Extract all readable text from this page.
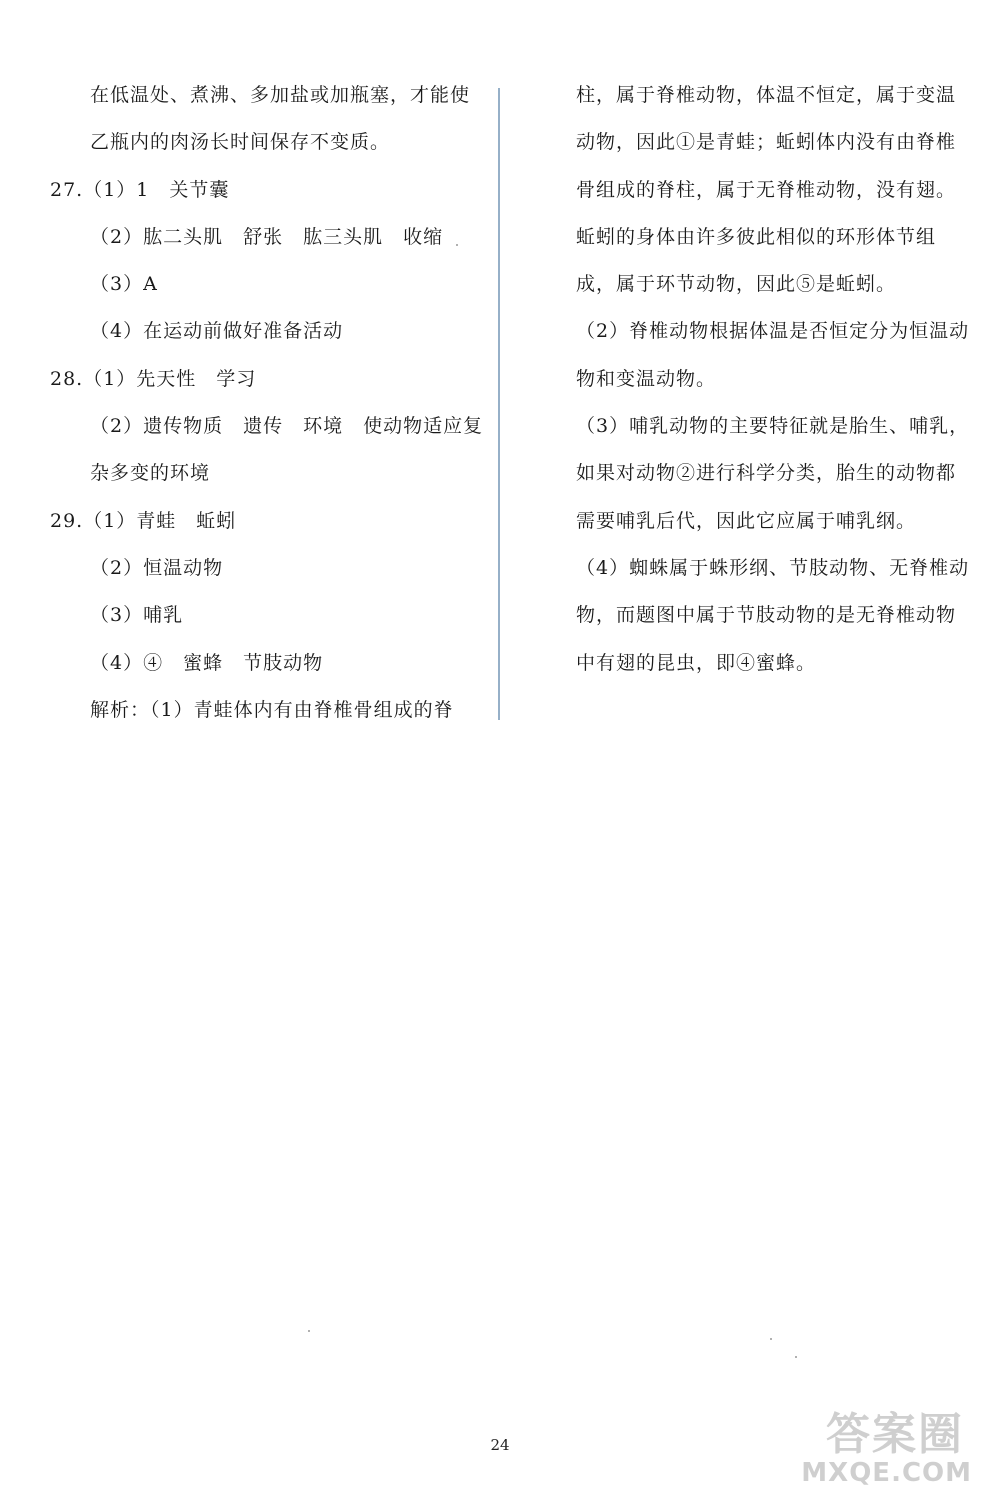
在低温处、煮沸、多加盐或加瓶塞，才能使
乙瓶内的肉汤长时间保存不变质。
27.（1）1　关节囊
（2）肱二头肌　舒张　肱三头肌　收缩
（3）A
（4）在运动前做好准备活动
28.（1）先天性　学习
（2）遗传物质　遗传　环境　使动物适应复
杂多变的环境
29.（1）青蛙　蚯蚓
（2）恒温动物
（3）哺乳
（4）④　蜜蜂　节肢动物
解析：（1）青蛙体内有由脊椎骨组成的脊
柱，属于脊椎动物，体温不恒定，属于变温
动物，因此①是青蛙；蚯蚓体内没有由脊椎
骨组成的脊柱，属于无脊椎动物，没有翅。
蚯蚓的身体由许多彼此相似的环形体节组
成，属于环节动物，因此⑤是蚯蚓。
（2）脊椎动物根据体温是否恒定分为恒温动
物和变温动物。
（3）哺乳动物的主要特征就是胎生、哺乳，
如果对动物②进行科学分类，胎生的动物都
需要哺乳后代，因此它应属于哺乳纲。
（4）蜘蛛属于蛛形纲、节肢动物、无脊椎动
物，而题图中属于节肢动物的是无脊椎动物
中有翅的昆虫，即④蜜蜂。
24	答案圈
MXQE.COM
